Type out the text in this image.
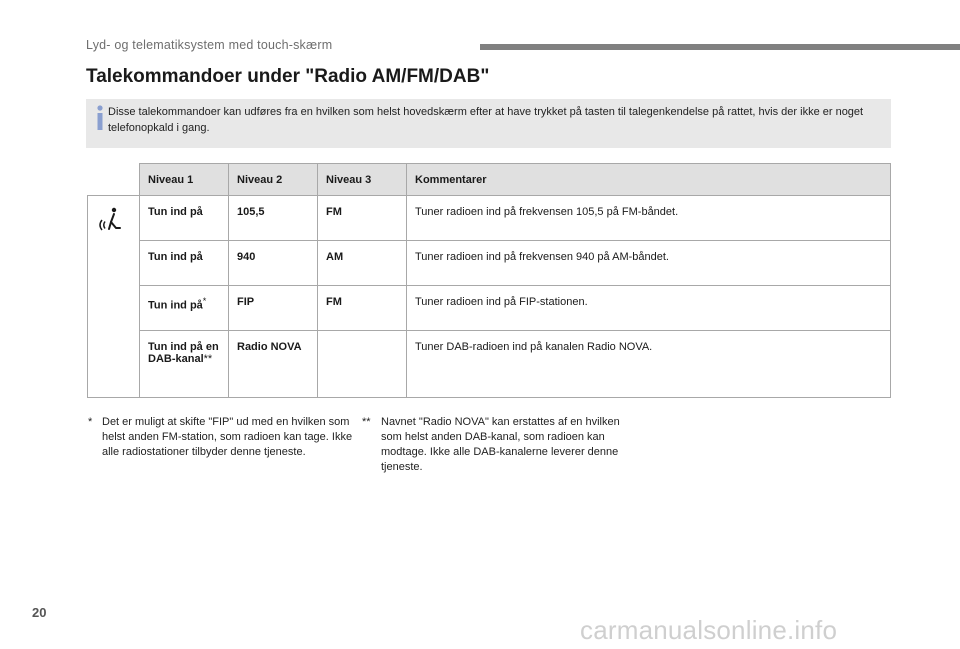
Lyd- og telematiksystem med touch-skærm
Talekommandoer under "Radio AM/FM/DAB"
Disse talekommandoer kan udføres fra en hvilken som helst hovedskærm efter at have trykket på tasten til talegenkendelse på rattet, hvis der ikke er noget telefonopkald i gang.
	Niveau 1	Niveau 2	Niveau 3	Kommentarer
	Tun ind på	105,5	FM	Tuner radioen ind på frekvensen 105,5 på FM-båndet.
	Tun ind på	940	AM	Tuner radioen ind på frekvensen 940 på AM-båndet.
	Tun ind på*	FIP	FM	Tuner radioen ind på FIP-stationen.
	Tun ind på en DAB-kanal**	Radio NOVA		Tuner DAB-radioen ind på kanalen Radio NOVA.
* Det er muligt at skifte "FIP" ud med en hvilken som helst anden FM-station, som radioen kan tage. Ikke alle radiostationer tilbyder denne tjeneste.
** Navnet "Radio NOVA" kan erstattes af en hvilken som helst anden DAB-kanal, som radioen kan modtage. Ikke alle DAB-kanalerne leverer denne tjeneste.
20
carmanualsonline.info
